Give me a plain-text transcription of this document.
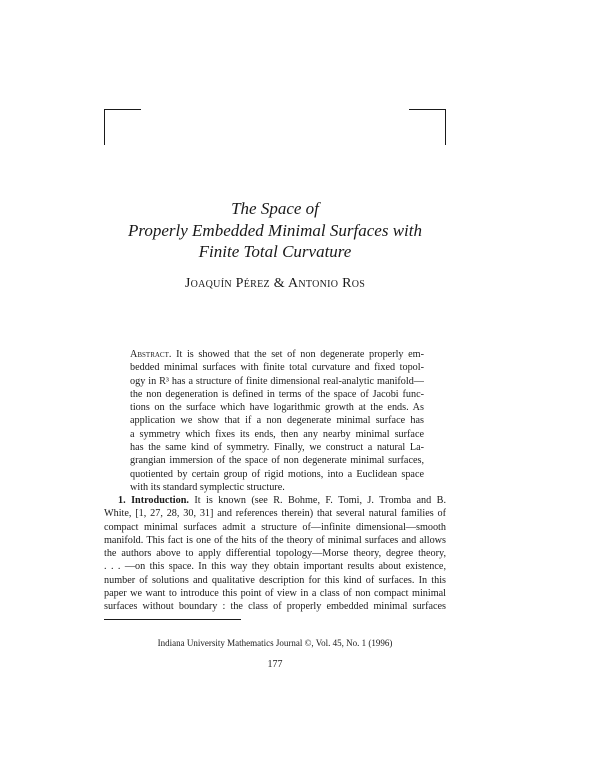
The Space of
Properly Embedded Minimal Surfaces with
Finite Total Curvature
Joaquín Pérez & Antonio Ros
Abstract. It is showed that the set of non degenerate properly em-
bedded minimal surfaces with finite total curvature and fixed topol-
ogy in R³ has a structure of finite dimensional real-analytic manifold—
the non degeneration is defined in terms of the space of Jacobi func-
tions on the surface which have logarithmic growth at the ends. As
application we show that if a non degenerate minimal surface has
a symmetry which fixes its ends, then any nearby minimal surface
has the same kind of symmetry. Finally, we construct a natural La-
grangian immersion of the space of non degenerate minimal surfaces,
quotiented by certain group of rigid motions, into a Euclidean space
with its standard symplectic structure.
1. Introduction. It is known (see R. Bohme, F. Tomi, J. Tromba and B.
White, [1, 27, 28, 30, 31] and references therein) that several natural families of
compact minimal surfaces admit a structure of—infinite dimensional—smooth
manifold. This fact is one of the hits of the theory of minimal surfaces and allows
the authors above to apply differential topology—Morse theory, degree theory,
. . . —on this space. In this way they obtain important results about existence,
number of solutions and qualitative description for this kind of surfaces. In this
paper we want to introduce this point of view in a class of non compact minimal
surfaces without boundary : the class of properly embedded minimal surfaces
Indiana University Mathematics Journal ©, Vol. 45, No. 1 (1996)
177
